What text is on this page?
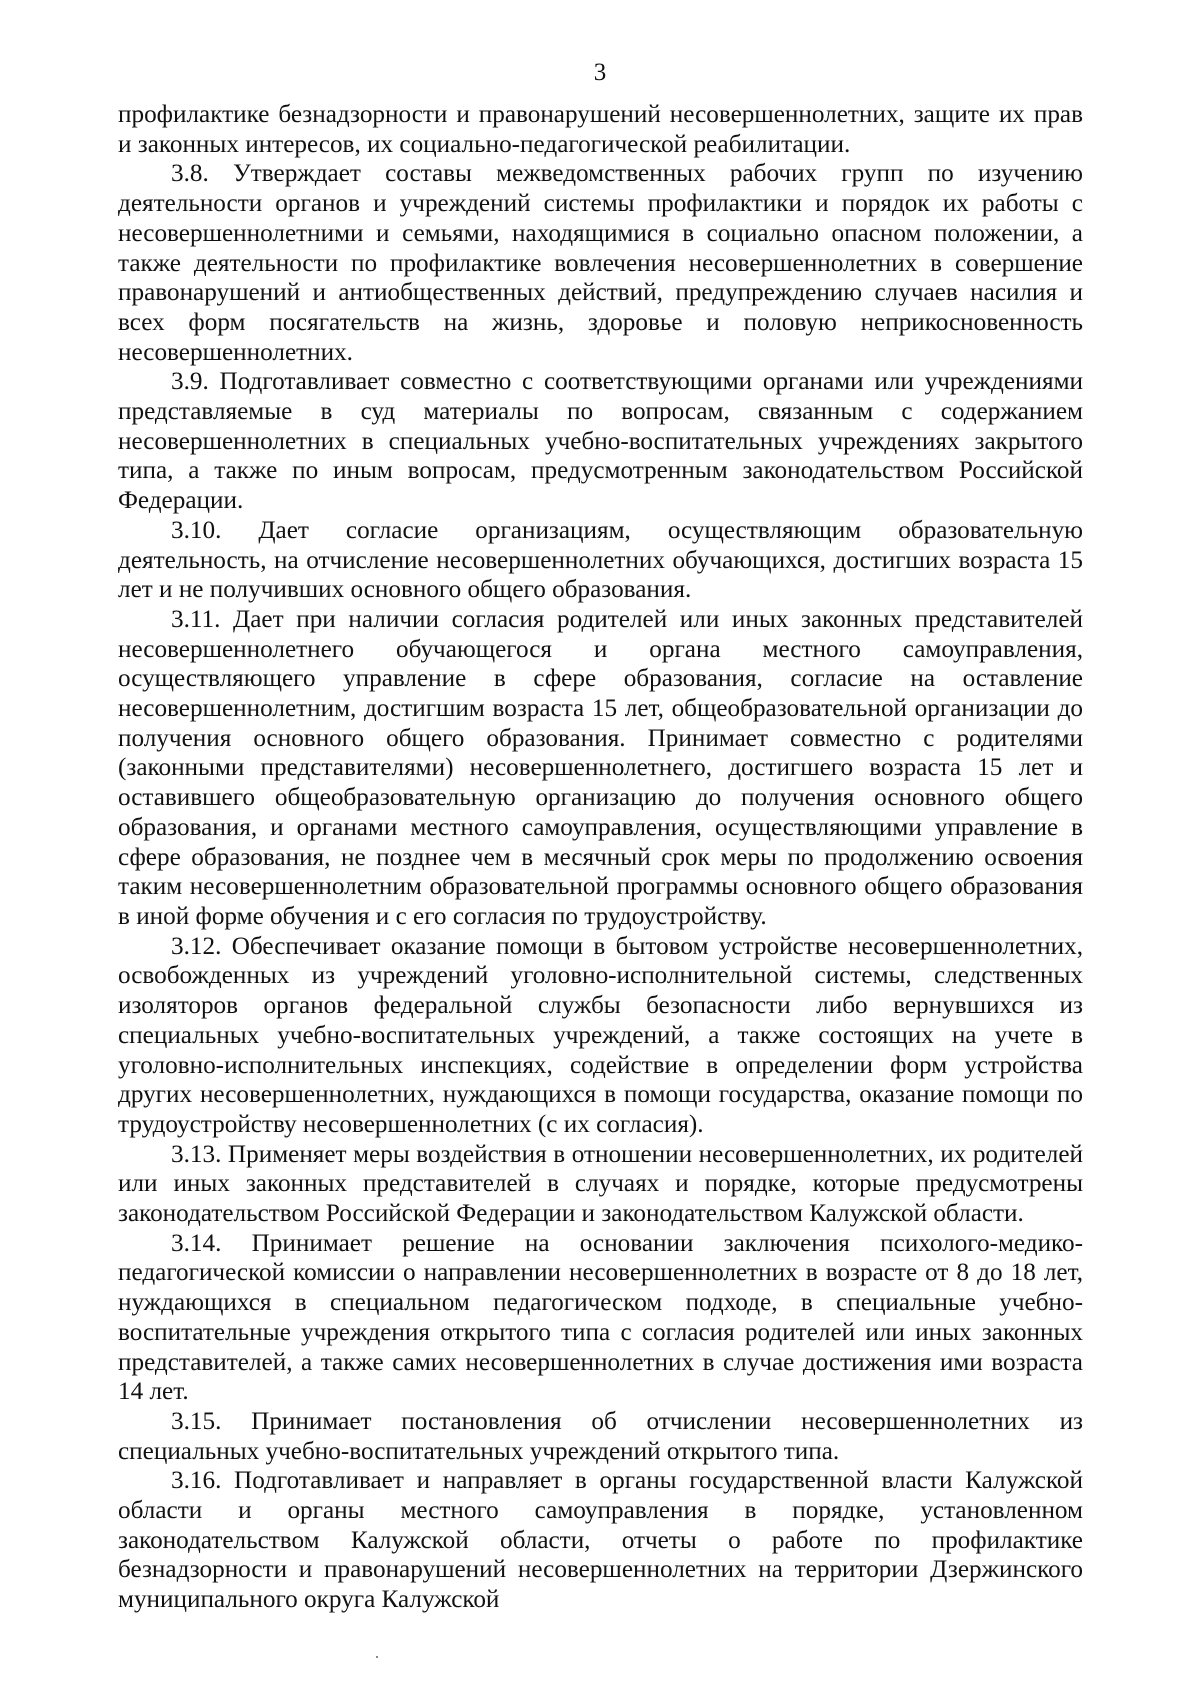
3

профилактике безнадзорности и правонарушений несовершеннолетних, защите их прав и законных интересов, их социально-педагогической реабилитации.

3.8. Утверждает составы межведомственных рабочих групп по изучению деятельности органов и учреждений системы профилактики и порядок их работы с несовершеннолетними и семьями, находящимися в социально опасном положении, а также деятельности по профилактике вовлечения несовершеннолетних в совершение правонарушений и антиобщественных действий, предупреждению случаев насилия и всех форм посягательств на жизнь, здоровье и половую неприкосновенность несовершеннолетних.

3.9. Подготавливает совместно с соответствующими органами или учреждениями представляемые в суд материалы по вопросам, связанным с содержанием несовершеннолетних в специальных учебно-воспитательных учреждениях закрытого типа, а также по иным вопросам, предусмотренным законодательством Российской Федерации.

3.10. Дает согласие организациям, осуществляющим образовательную деятельность, на отчисление несовершеннолетних обучающихся, достигших возраста 15 лет и не получивших основного общего образования.

3.11. Дает при наличии согласия родителей или иных законных представителей несовершеннолетнего обучающегося и органа местного самоуправления, осуществляющего управление в сфере образования, согласие на оставление несовершеннолетним, достигшим возраста 15 лет, общеобразовательной организации до получения основного общего образования. Принимает совместно с родителями (законными представителями) несовершеннолетнего, достигшего возраста 15 лет и оставившего общеобразовательную организацию до получения основного общего образования, и органами местного самоуправления, осуществляющими управление в сфере образования, не позднее чем в месячный срок меры по продолжению освоения таким несовершеннолетним образовательной программы основного общего образования в иной форме обучения и с его согласия по трудоустройству.

3.12. Обеспечивает оказание помощи в бытовом устройстве несовершеннолетних, освобожденных из учреждений уголовно-исполнительной системы, следственных изоляторов органов федеральной службы безопасности либо вернувшихся из специальных учебно-воспитательных учреждений, а также состоящих на учете в уголовно-исполнительных инспекциях, содействие в определении форм устройства других несовершеннолетних, нуждающихся в помощи государства, оказание помощи по трудоустройству несовершеннолетних (с их согласия).

3.13. Применяет меры воздействия в отношении несовершеннолетних, их родителей или иных законных представителей в случаях и порядке, которые предусмотрены законодательством Российской Федерации и законодательством Калужской области.

3.14. Принимает решение на основании заключения психолого-медико-педагогической комиссии о направлении несовершеннолетних в возрасте от 8 до 18 лет, нуждающихся в специальном педагогическом подходе, в специальные учебно-воспитательные учреждения открытого типа с согласия родителей или иных законных представителей, а также самих несовершеннолетних в случае достижения ими возраста 14 лет.

3.15. Принимает постановления об отчислении несовершеннолетних из специальных учебно-воспитательных учреждений открытого типа.

3.16. Подготавливает и направляет в органы государственной власти Калужской области и органы местного самоуправления в порядке, установленном законодательством Калужской области, отчеты о работе по профилактике безнадзорности и правонарушений несовершеннолетних на территории Дзержинского муниципального округа Калужской
